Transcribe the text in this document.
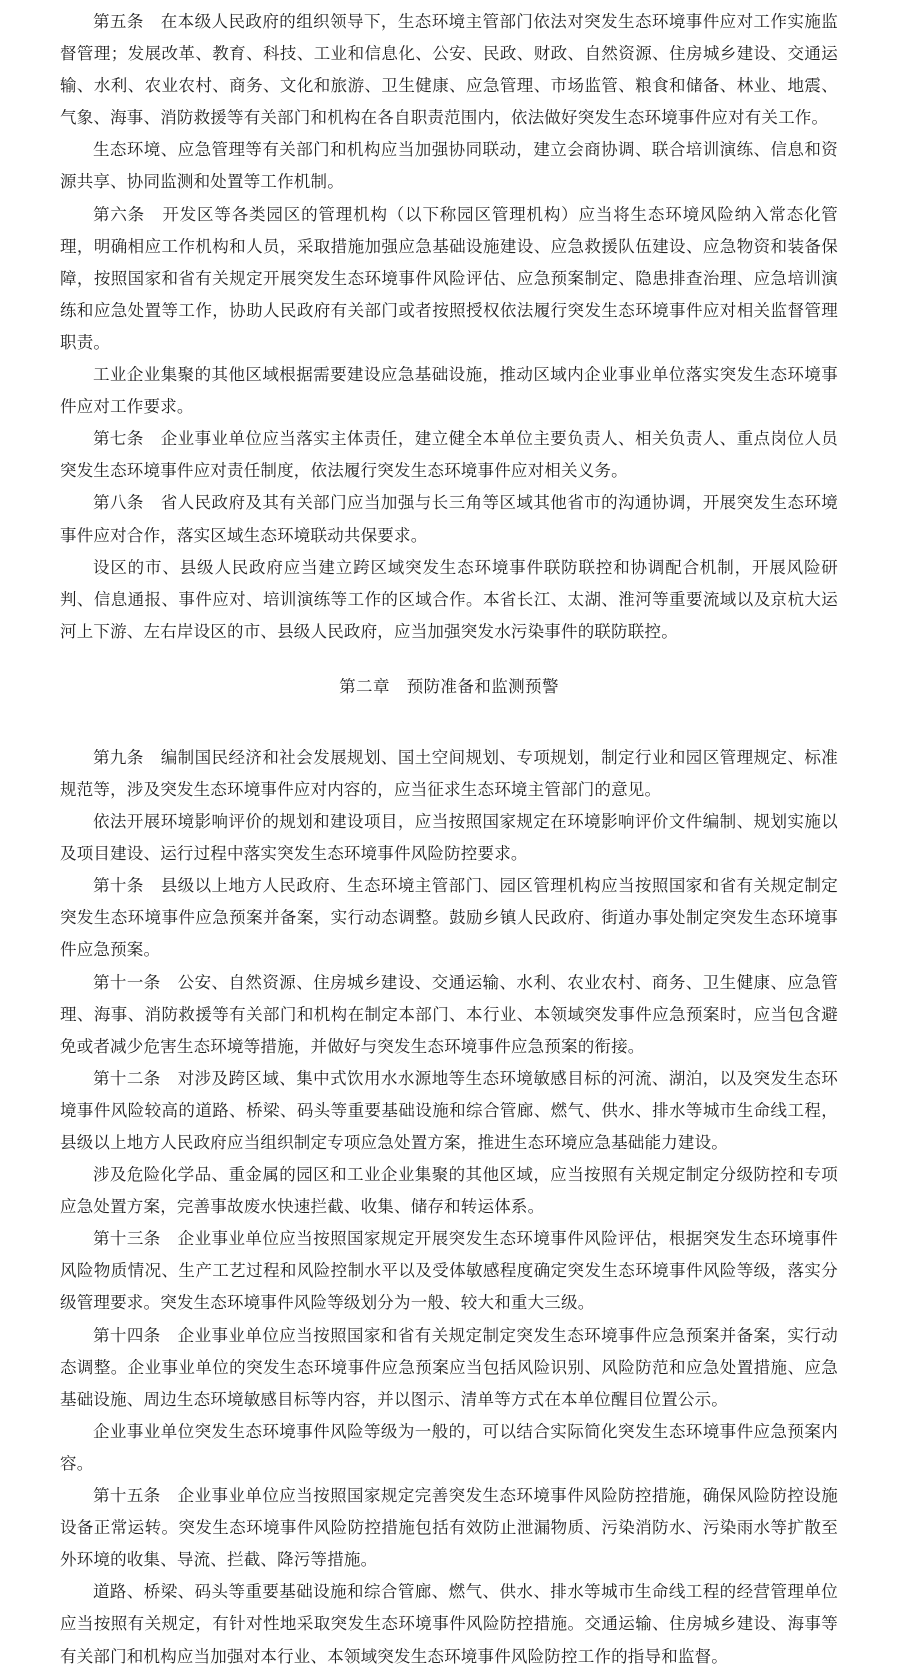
第五条　在本级人民政府的组织领导下，生态环境主管部门依法对突发生态环境事件应对工作实施监督管理；发展改革、教育、科技、工业和信息化、公安、民政、财政、自然资源、住房城乡建设、交通运输、水利、农业农村、商务、文化和旅游、卫生健康、应急管理、市场监管、粮食和储备、林业、地震、气象、海事、消防救援等有关部门和机构在各自职责范围内，依法做好突发生态环境事件应对有关工作。

生态环境、应急管理等有关部门和机构应当加强协同联动，建立会商协调、联合培训演练、信息和资源共享、协同监测和处置等工作机制。

第六条　开发区等各类园区的管理机构（以下称园区管理机构）应当将生态环境风险纳入常态化管理，明确相应工作机构和人员，采取措施加强应急基础设施建设、应急救援队伍建设、应急物资和装备保障，按照国家和省有关规定开展突发生态环境事件风险评估、应急预案制定、隐患排查治理、应急培训演练和应急处置等工作，协助人民政府有关部门或者按照授权依法履行突发生态环境事件应对相关监督管理职责。

工业企业集聚的其他区域根据需要建设应急基础设施，推动区域内企业事业单位落实突发生态环境事件应对工作要求。

第七条　企业事业单位应当落实主体责任，建立健全本单位主要负责人、相关负责人、重点岗位人员突发生态环境事件应对责任制度，依法履行突发生态环境事件应对相关义务。

第八条　省人民政府及其有关部门应当加强与长三角等区域其他省市的沟通协调，开展突发生态环境事件应对合作，落实区域生态环境联动共保要求。

设区的市、县级人民政府应当建立跨区域突发生态环境事件联防联控和协调配合机制，开展风险研判、信息通报、事件应对、培训演练等工作的区域合作。本省长江、太湖、淮河等重要流域以及京杭大运河上下游、左右岸设区的市、县级人民政府，应当加强突发水污染事件的联防联控。

第二章　预防准备和监测预警

第九条　编制国民经济和社会发展规划、国土空间规划、专项规划，制定行业和园区管理规定、标准规范等，涉及突发生态环境事件应对内容的，应当征求生态环境主管部门的意见。

依法开展环境影响评价的规划和建设项目，应当按照国家规定在环境影响评价文件编制、规划实施以及项目建设、运行过程中落实突发生态环境事件风险防控要求。

第十条　县级以上地方人民政府、生态环境主管部门、园区管理机构应当按照国家和省有关规定制定突发生态环境事件应急预案并备案，实行动态调整。鼓励乡镇人民政府、街道办事处制定突发生态环境事件应急预案。

第十一条　公安、自然资源、住房城乡建设、交通运输、水利、农业农村、商务、卫生健康、应急管理、海事、消防救援等有关部门和机构在制定本部门、本行业、本领域突发事件应急预案时，应当包含避免或者减少危害生态环境等措施，并做好与突发生态环境事件应急预案的衔接。

第十二条　对涉及跨区域、集中式饮用水水源地等生态环境敏感目标的河流、湖泊，以及突发生态环境事件风险较高的道路、桥梁、码头等重要基础设施和综合管廊、燃气、供水、排水等城市生命线工程，县级以上地方人民政府应当组织制定专项应急处置方案，推进生态环境应急基础能力建设。

涉及危险化学品、重金属的园区和工业企业集聚的其他区域，应当按照有关规定制定分级防控和专项应急处置方案，完善事故废水快速拦截、收集、储存和转运体系。

第十三条　企业事业单位应当按照国家规定开展突发生态环境事件风险评估，根据突发生态环境事件风险物质情况、生产工艺过程和风险控制水平以及受体敏感程度确定突发生态环境事件风险等级，落实分级管理要求。突发生态环境事件风险等级划分为一般、较大和重大三级。

第十四条　企业事业单位应当按照国家和省有关规定制定突发生态环境事件应急预案并备案，实行动态调整。企业事业单位的突发生态环境事件应急预案应当包括风险识别、风险防范和应急处置措施、应急基础设施、周边生态环境敏感目标等内容，并以图示、清单等方式在本单位醒目位置公示。

企业事业单位突发生态环境事件风险等级为一般的，可以结合实际简化突发生态环境事件应急预案内容。

第十五条　企业事业单位应当按照国家规定完善突发生态环境事件风险防控措施，确保风险防控设施设备正常运转。突发生态环境事件风险防控措施包括有效防止泄漏物质、污染消防水、污染雨水等扩散至外环境的收集、导流、拦截、降污等措施。

道路、桥梁、码头等重要基础设施和综合管廊、燃气、供水、排水等城市生命线工程的经营管理单位应当按照有关规定，有针对性地采取突发生态环境事件风险防控措施。交通运输、住房城乡建设、海事等有关部门和机构应当加强对本行业、本领域突发生态环境事件风险防控工作的指导和监督。
